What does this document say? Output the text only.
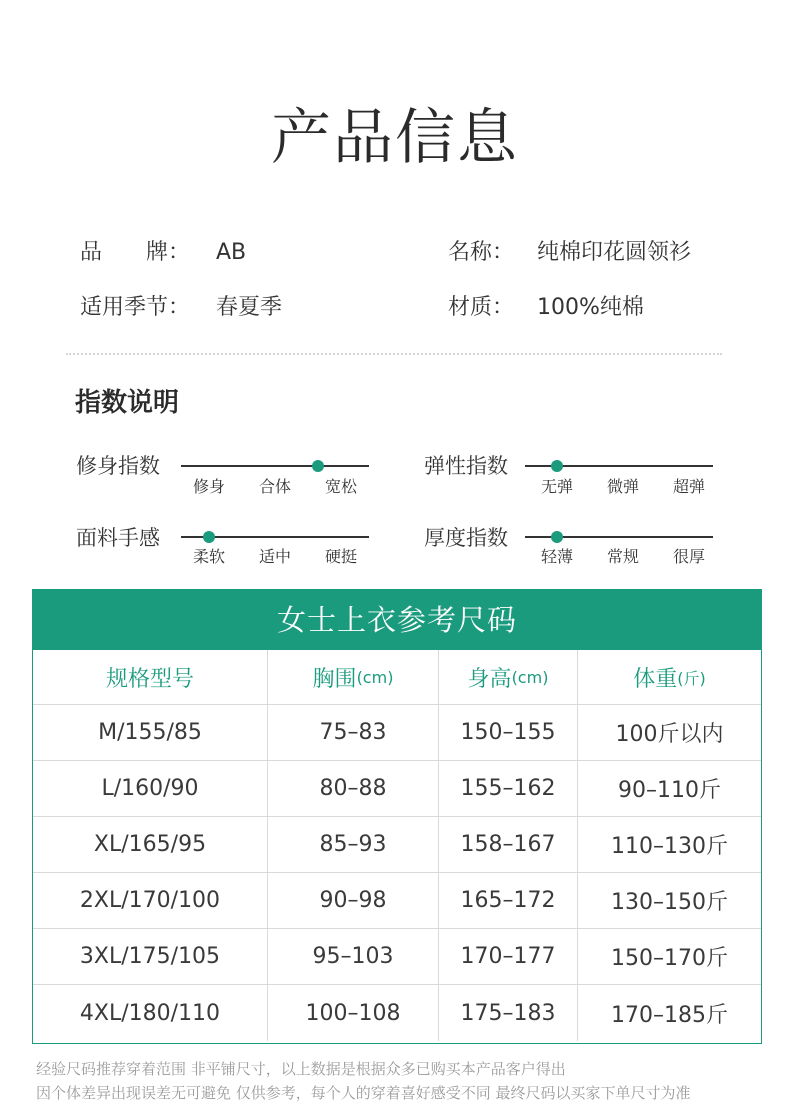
产品信息
品　　牌： AB	名称： 纯棉印花圆领衫
适用季节： 春夏季	材质： 100%纯棉
指数说明
修身指数
修身 合体 宽松
弹性指数
无弹 微弹 超弹
面料手感
柔软 适中 硬挺
厚度指数
轻薄 常规 很厚
女士上衣参考尺码
规格型号	胸围 (cm)	身高 (cm)	体重 (斤)
M/155/85	75–83	150–155	100斤以内
L/160/90	80–88	155–162	90–110斤
XL/165/95	85–93	158–167	110–130斤
2XL/170/100	90–98	165–172	130–150斤
3XL/175/105	95–103	170–177	150–170斤
4XL/180/110	100–108	175–183	170–185斤
经验尺码推荐穿着范围 非平铺尺寸，以上数据是根据众多已购买本产品客户得出
因个体差异出现误差无可避免 仅供参考，每个人的穿着喜好感受不同 最终尺码以买家下单尺寸为准
